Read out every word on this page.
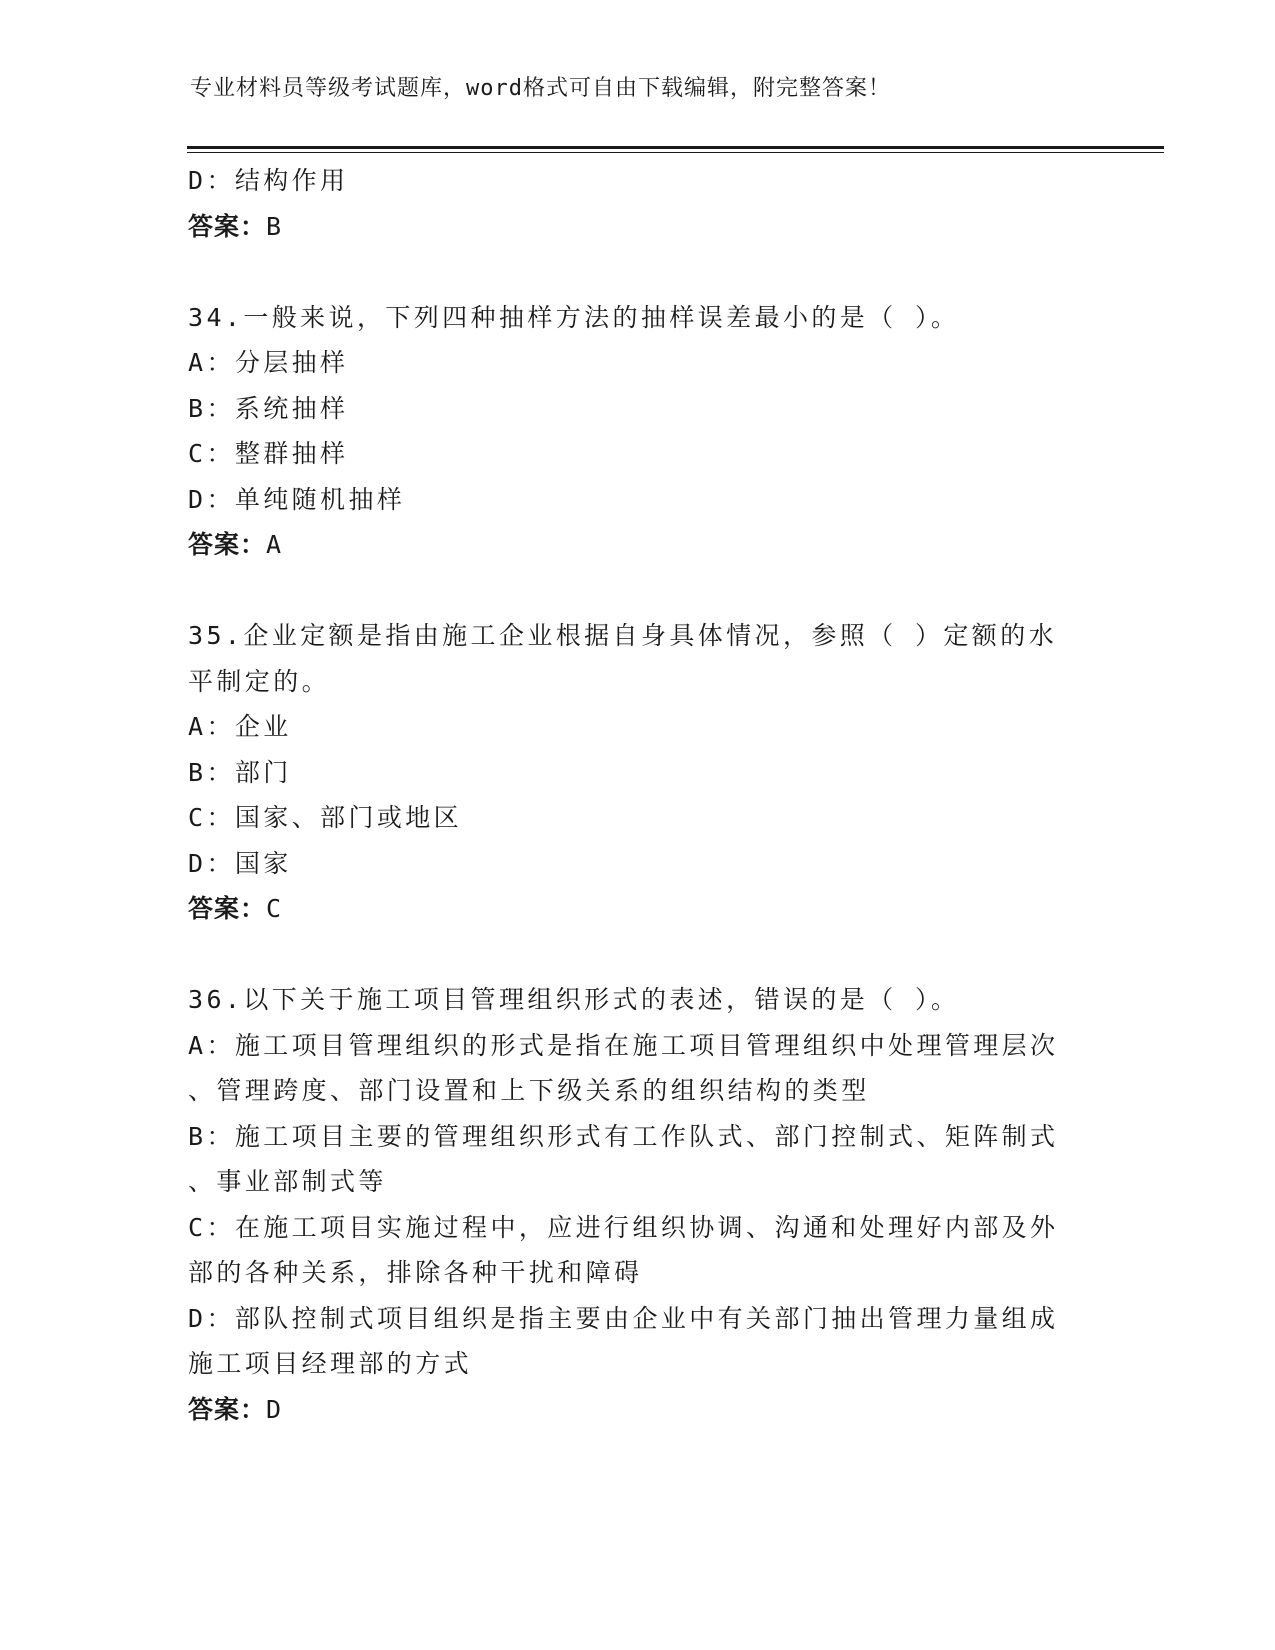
专业材料员等级考试题库，word格式可自由下载编辑，附完整答案！
D：结构作用
答案：B
34.一般来说，下列四种抽样方法的抽样误差最小的是（ ）。
A：分层抽样
B：系统抽样
C：整群抽样
D：单纯随机抽样
答案：A
35.企业定额是指由施工企业根据自身具体情况，参照（ ）定额的水
平制定的。
A：企业
B：部门
C：国家、部门或地区
D：国家
答案：C
36.以下关于施工项目管理组织形式的表述，错误的是（ ）。
A：施工项目管理组织的形式是指在施工项目管理组织中处理管理层次
、管理跨度、部门设置和上下级关系的组织结构的类型
B：施工项目主要的管理组织形式有工作队式、部门控制式、矩阵制式
、事业部制式等
C：在施工项目实施过程中，应进行组织协调、沟通和处理好内部及外
部的各种关系，排除各种干扰和障碍
D：部队控制式项目组织是指主要由企业中有关部门抽出管理力量组成
施工项目经理部的方式
答案：D
